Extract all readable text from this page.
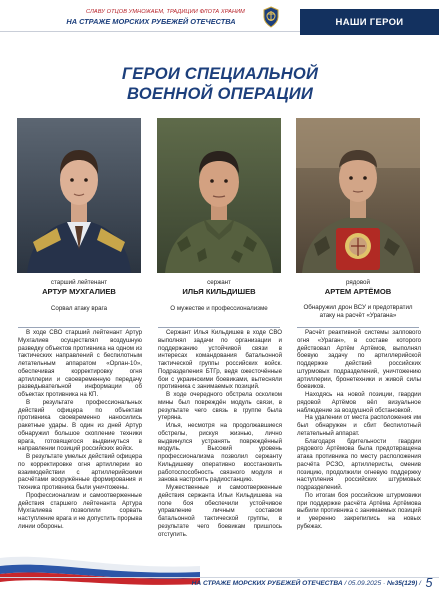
СЛАВУ ОТЦОВ УМНОЖАЕМ, ТРАДИЦИИ ФЛОТА ХРАНИМ
НА СТРАЖЕ МОРСКИХ РУБЕЖЕЙ ОТЕЧЕСТВА	НАШИ ГЕРОИ
ГЕРОИ СПЕЦИАЛЬНОЙ
ВОЕННОЙ ОПЕРАЦИИ
старший лейтенант
АРТУР МУХГАЛИЕВ
Сорвал атаку врага
сержант
ИЛЬЯ КИЛЬДИШЕВ
О мужестве и профессионализме
рядовой
АРТЕМ АРТЁМОВ
Обнаружил дрон ВСУ и предотвратил атаку на расчёт «Урагана»

В ходе СВО старший лейтенант Артур Мухгалиев осуществлял воздушную разведку объектов противника на одном из тактических направлений с беспилотным летательным аппаратом «Орлан-10», обеспечивая корректировку огня артиллерии и своевременную передачу разведывательной информации об объектах противника на КП.

В результате профессиональных действий офицера по объектам противника своевременно наносились ракетные удары. В один из дней Артур обнаружил большое скопление техники врага, готовящегося выдвинуться в направлении позиций российских войск.

В результате умелых действий офицера по корректировке огня артиллерии во взаимодействии с артиллерийскими расчётами вооружённые формирования и техника противника были уничтожены.

Профессионализм и самоотверженные действия старшего лейтенанта Артура Мухгалиева позволили сорвать наступление врага и не допустить прорыва линии обороны.

Сержант Илья Кильдишев в ходе СВО выполнял задачи по организации и поддержанию устойчивой связи в интересах командования батальонной тактической группы российских войск. Подразделения БТГр, ведя ожесточённые бои с украинскими боевиками, вытесняли противника с занимаемых позиций.

В ходе очередного обстрела осколком мины был повреждён модуль связи, в результате чего связь в группе была утеряна.

Илья, несмотря на продолжавшиеся обстрелы, рискуя жизнью, лично выдвинулся устранять повреждённый модуль. Высокий уровень профессионализма позволил сержанту Кильдишеву оперативно восстановить работоспособность связного модуля и занова настроить радиостанцию.

Мужественные и самоотверженные действия сержанта Ильи Кильдишева на поле боя обеспечили устойчивое управление личным составом батальонной тактической группы, в результате чего боевикам пришлось отступить.

Расчёт реактивной системы залпового огня «Ураган», в составе которого действовал Артём Артёмов, выполнял боевую задачу по артиллерийской поддержке действий российских штурмовых подразделений, уничтожению артиллерии, бронетехники и живой силы боевиков.

Находясь на новой позиции, гвардии рядовой Артёмов вёл визуальное наблюдение за воздушной обстановкой.

На удалении от места расположения им был обнаружен и сбит беспилотный летательный аппарат.

Благодаря бдительности гвардии рядового Артёмова была предотвращена атака противника по месту расположения расчёта РСЗО, артиллеристы, сменив позицию, продолжили огневую поддержку наступления российских штурмовых подразделений.

По итогам боя российские штурмовики при поддержке расчёта Артёма Артёмова выбили противника с занимаемых позиций и уверенно закрепились на новых рубежах.

НА СТРАЖЕ МОРСКИХ РУБЕЖЕЙ ОТЕЧЕСТВА / 05.09.2025 · №35(129) / 5
